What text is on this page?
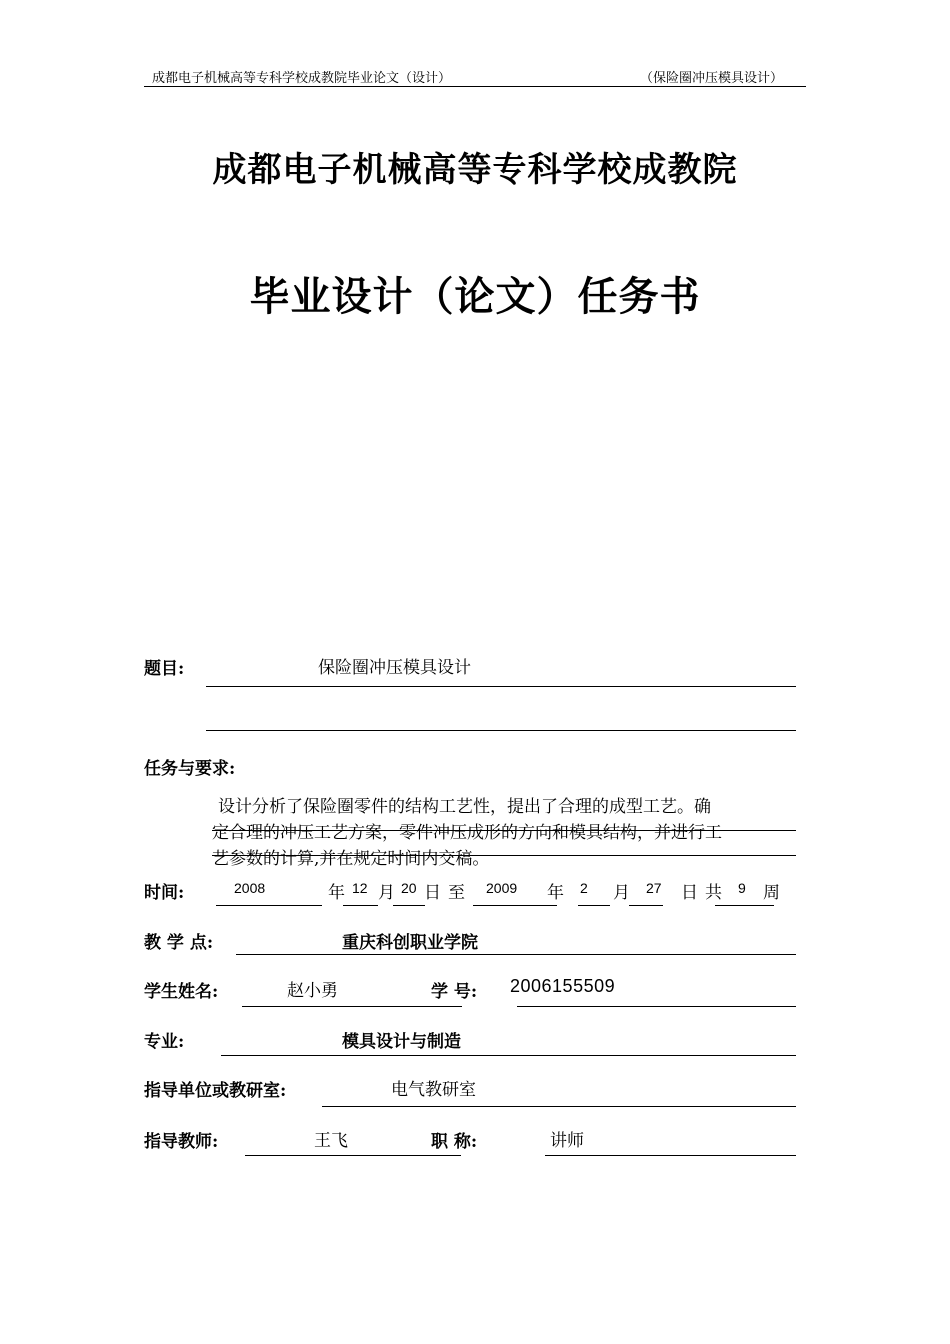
成都电子机械高等专科学校成教院毕业论文（设计）	（保险圈冲压模具设计）
成都电子机械高等专科学校成教院
毕业设计（论文）任务书
题目:	保险圈冲压模具设计
任务与要求:
设计分析了保险圈零件的结构工艺性，提出了合理的成型工艺。确
定合理的冲压工艺方案，零件冲压成形的方向和模具结构，并进行工
艺参数的计算,并在规定时间内交稿。
时间:	2008	年 12 月 20 日 至 2009 年 2 月 27 日 共 9 周
教 学 点:	重庆科创职业学院
学生姓名:	赵小勇	学 号: 2006155509
专业:	模具设计与制造
指导单位或教研室:	电气教研室
指导教师:	王飞	职 称:	讲师
